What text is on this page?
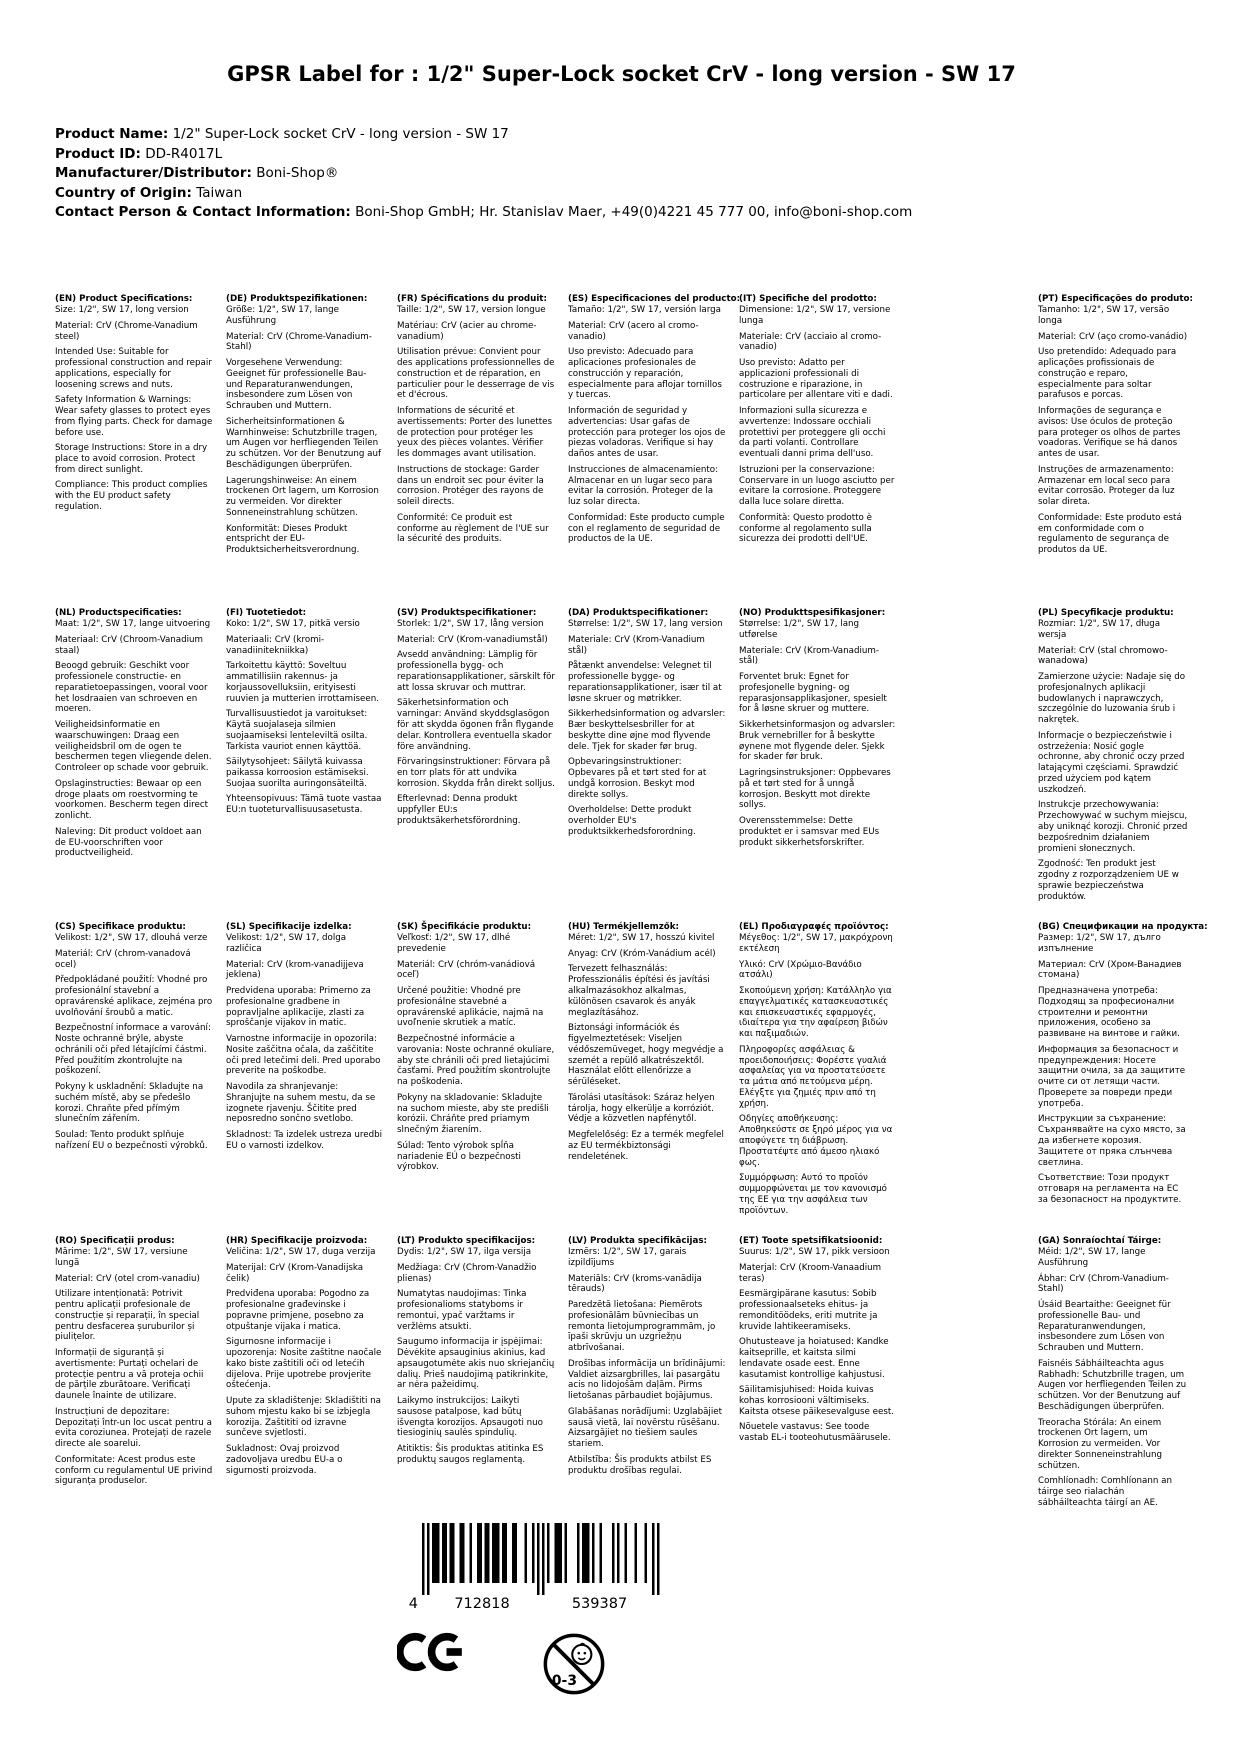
GPSR Label for : 1/2" Super-Lock socket CrV - long version - SW 17
Product Name: 1/2" Super-Lock socket CrV - long version - SW 17
Product ID: DD-R4017L
Manufacturer/Distributor: Boni-Shop®
Country of Origin: Taiwan
Contact Person & Contact Information: Boni-Shop GmbH; Hr. Stanislav Maer, +49(0)4221 45 777 00, info@boni-shop.com
(EN) Product Specifications:

Size: 1/2", SW 17, long version

Material: CrV (Chrome-Vanadium steel)

Intended Use: Suitable for professional construction and repair applications, especially for loosening screws and nuts.

Safety Information & Warnings: Wear safety glasses to protect eyes from flying parts. Check for damage before use.

Storage Instructions: Store in a dry place to avoid corrosion. Protect from direct sunlight.

Compliance: This product complies with the EU product safety regulation.

(DE) Produktspezifikationen:

Größe: 1/2", SW 17, lange Ausführung

Material: CrV (Chrome-Vanadium-Stahl)

Vorgesehene Verwendung: Geeignet für professionelle Bau- und Reparaturanwendungen, insbesondere zum Lösen von Schrauben und Muttern.

Sicherheitsinformationen & Warnhinweise: Schutzbrille tragen, um Augen vor herfliegenden Teilen zu schützen. Vor der Benutzung auf Beschädigungen überprüfen.

Lagerungshinweise: An einem trockenen Ort lagern, um Korrosion zu vermeiden. Vor direkter Sonneneinstrahlung schützen.

Konformität: Dieses Produkt entspricht der EU-Produktsicherheitsverordnung.

(FR) Spécifications du produit:

Taille: 1/2", SW 17, version longue

Matériau: CrV (acier au chrome-vanadium)

Utilisation prévue: Convient pour des applications professionnelles de construction et de réparation, en particulier pour le desserrage de vis et d'écrous.

Informations de sécurité et avertissements: Porter des lunettes de protection pour protéger les yeux des pièces volantes. Vérifier les dommages avant utilisation.

Instructions de stockage: Garder dans un endroit sec pour éviter la corrosion. Protéger des rayons de soleil directs.

Conformité: Ce produit est conforme au règlement de l'UE sur la sécurité des produits.

(ES) Especificaciones del producto:

Tamaño: 1/2", SW 17, versión larga

Material: CrV (acero al cromo-vanadio)

Uso previsto: Adecuado para aplicaciones profesionales de construcción y reparación, especialmente para aflojar tornillos y tuercas.

Información de seguridad y advertencias: Usar gafas de protección para proteger los ojos de piezas voladoras. Verifique si hay daños antes de usar.

Instrucciones de almacenamiento: Almacenar en un lugar seco para evitar la corrosión. Proteger de la luz solar directa.

Conformidad: Este producto cumple con el reglamento de seguridad de productos de la UE.

(IT) Specifiche del prodotto:

Dimensione: 1/2", SW 17, versione lunga

Materiale: CrV (acciaio al cromo-vanadio)

Uso previsto: Adatto per applicazioni professionali di costruzione e riparazione, in particolare per allentare viti e dadi.

Informazioni sulla sicurezza e avvertenze: Indossare occhiali protettivi per proteggere gli occhi da parti volanti. Controllare eventuali danni prima dell'uso.

Istruzioni per la conservazione: Conservare in un luogo asciutto per evitare la corrosione. Proteggere dalla luce solare diretta.

Conformità: Questo prodotto è conforme al regolamento sulla sicurezza dei prodotti dell'UE.

(PT) Especificações do produto:

Tamanho: 1/2", SW 17, versão longa

Material: CrV (aço cromo-vanádio)

Uso pretendido: Adequado para aplicações profissionais de construção e reparo, especialmente para soltar parafusos e porcas.

Informações de segurança e avisos: Use óculos de proteção para proteger os olhos de partes voadoras. Verifique se há danos antes de usar.

Instruções de armazenamento: Armazenar em local seco para evitar corrosão. Proteger da luz solar direta.

Conformidade: Este produto está em conformidade com o regulamento de segurança de produtos da UE.

(NL) Productspecificaties:

Maat: 1/2", SW 17, lange uitvoering

Materiaal: CrV (Chroom-Vanadium staal)

Beoogd gebruik: Geschikt voor professionele constructie- en reparatietoepassingen, vooral voor het losdraaien van schroeven en moeren.

Veiligheidsinformatie en waarschuwingen: Draag een veiligheidsbril om de ogen te beschermen tegen vliegende delen. Controleer op schade voor gebruik.

Opslaginstructies: Bewaar op een droge plaats om roestvorming te voorkomen. Bescherm tegen direct zonlicht.

Naleving: Dit product voldoet aan de EU-voorschriften voor productveiligheid.

(FI) Tuotetiedot:

Koko: 1/2", SW 17, pitkä versio

Materiaali: CrV (kromi-vanadiinitekniikka)

Tarkoitettu käyttö: Soveltuu ammatillisiin rakennus- ja korjaussovelluksiin, erityisesti ruuvien ja mutterien irrottamiseen.

Turvallisuustiedot ja varoitukset: Käytä suojalaseja silmien suojaamiseksi lenteleviltä osilta. Tarkista vauriot ennen käyttöä.

Säilytysohjeet: Säilytä kuivassa paikassa korroosion estämiseksi. Suojaa suorilta auringonsäteiltä.

Yhteensopivuus: Tämä tuote vastaa EU:n tuoteturvallisuusasetusta.

(SV) Produktspecifikationer:

Storlek: 1/2", SW 17, lång version

Material: CrV (Krom-vanadiumstål)

Avsedd användning: Lämplig för professionella bygg- och reparationsapplikationer, särskilt för att lossa skruvar och muttrar.

Säkerhetsinformation och varningar: Använd skyddsglasögon för att skydda ögonen från flygande delar. Kontrollera eventuella skador före användning.

Förvaringsinstruktioner: Förvara på en torr plats för att undvika korrosion. Skydda från direkt solljus.

Efterlevnad: Denna produkt uppfyller EU:s produktsäkerhetsförordning.

(DA) Produktspecifikationer:

Størrelse: 1/2", SW 17, lang version

Materiale: CrV (Krom-Vanadium stål)

Påtænkt anvendelse: Velegnet til professionelle bygge- og reparationsapplikationer, især til at løsne skruer og møtrikker.

Sikkerhedsinformation og advarsler: Bær beskyttelsesbriller for at beskytte dine øjne mod flyvende dele. Tjek for skader før brug.

Opbevaringsinstruktioner: Opbevares på et tørt sted for at undgå korrosion. Beskyt mod direkte sollys.

Overholdelse: Dette produkt overholder EU's produktsikkerhedsforordning.

(NO) Produkttspesifikasjoner:

Størrelse: 1/2", SW 17, lang utførelse

Materiale: CrV (Krom-Vanadium-stål)

Forventet bruk: Egnet for profesjonelle bygning- og reparasjonsapplikasjoner, spesielt for å løsne skruer og muttere.

Sikkerhetsinformasjon og advarsler: Bruk vernebriller for å beskytte øynene mot flygende deler. Sjekk for skader før bruk.

Lagringsinstruksjoner: Oppbevares på et tørt sted for å unngå korrosjon. Beskytt mot direkte sollys.

Overensstemmelse: Dette produktet er i samsvar med EUs produkt sikkerhetsforskrifter.

(PL) Specyfikacje produktu:

Rozmiar: 1/2", SW 17, długa wersja

Materiał: CrV (stal chromowo-wanadowa)

Zamierzone użycie: Nadaje się do profesjonalnych aplikacji budowlanych i naprawczych, szczególnie do luzowania śrub i nakrętek.

Informacje o bezpieczeństwie i ostrzeżenia: Nosić gogle ochronne, aby chronić oczy przed latającymi częściami. Sprawdzić przed użyciem pod kątem uszkodzeń.

Instrukcje przechowywania: Przechowywać w suchym miejscu, aby uniknąć korozji. Chronić przed bezpośrednim działaniem promieni słonecznych.

Zgodność: Ten produkt jest zgodny z rozporządzeniem UE w sprawie bezpieczeństwa produktów.

(CS) Specifikace produktu:

Velikost: 1/2", SW 17, dlouhá verze

Materiál: CrV (chrom-vanadová ocel)

Předpokládané použití: Vhodné pro profesionální stavební a opravárenské aplikace, zejména pro uvolňování šroubů a matic.

Bezpečnostní informace a varování: Noste ochranné brýle, abyste ochránili oči před létajícími částmi. Před použitím zkontrolujte na poškození.

Pokyny k uskladnění: Skladujte na suchém místě, aby se předešlo korozi. Chraňte před přímým slunečním zářením.

Soulad: Tento produkt splňuje nařízení EU o bezpečnosti výrobků.

(SL) Specifikacije izdelka:

Velikost: 1/2", SW 17, dolga različica

Material: CrV (krom-vanadijjeva jeklena)

Predvidena uporaba: Primerno za profesionalne gradbene in popravljalne aplikacije, zlasti za sproščanje vijakov in matic.

Varnostne informacije in opozorila: Nosite zaščitna očala, da zaščitite oči pred letečimi deli. Pred uporabo preverite na poškodbe.

Navodila za shranjevanje: Shranjujte na suhem mestu, da se izognete rjavenju. Ščitite pred neposredno sončno svetlobo.

Skladnost: Ta izdelek ustreza uredbi EU o varnosti izdelkov.

(SK) Špecifikácie produktu:

Veľkosť: 1/2", SW 17, dlhé prevedenie

Materiál: CrV (chróm-vanádiová oceľ)

Určené použitie: Vhodné pre profesionálne stavebné a opravárenské aplikácie, najmä na uvoľnenie skrutiek a matíc.

Bezpečnostné informácie a varovania: Noste ochranné okuliare, aby ste chránili oči pred lietajúcimi časťami. Pred použitím skontrolujte na poškodenia.

Pokyny na skladovanie: Skladujte na suchom mieste, aby ste predišli korózii. Chráňte pred priamym slnečným žiarením.

Súlad: Tento výrobok spĺňa nariadenie EÚ o bezpečnosti výrobkov.

(HU) Termékjellemzők:

Méret: 1/2", SW 17, hosszú kivitel

Anyag: CrV (Króm-Vanádium acél)

Tervezett felhasználás: Professzionális építési és javítási alkalmazásokhoz alkalmas, különösen csavarok és anyák meglazításához.

Biztonsági információk és figyelmeztetések: Viseljen védőszemüveget, hogy megvédje a szemét a repülő alkatrészektől. Használat előtt ellenőrizze a sérüléseket.

Tárolási utasítások: Száraz helyen tárolja, hogy elkerülje a korróziót. Védje a közvetlen napfénytől.

Megfelelőség: Ez a termék megfelel az EU termékbiztonsági rendeletének.

(EL) Προδιαγραφές προϊόντος:

Μέγεθος: 1/2", SW 17, μακρόχρονη εκτέλεση

Υλικό: CrV (Χρώμιο-Βανάδιο ατσάλι)

Σκοπούμενη χρήση: Κατάλληλο για επαγγελματικές κατασκευαστικές και επισκευαστικές εφαρμογές, ιδιαίτερα για την αφαίρεση βιδών και παξιμαδιών.

Πληροφορίες ασφάλειας & προειδοποιήσεις: Φορέστε γυαλιά ασφαλείας για να προστατεύσετε τα μάτια από πετούμενα μέρη. Ελέγξτε για ζημιές πριν από τη χρήση.

Οδηγίες αποθήκευσης: Αποθηκεύστε σε ξηρό μέρος για να αποφύγετε τη διάβρωση. Προστατέψτε από άμεσο ηλιακό φως.

Συμμόρφωση: Αυτό το προϊόν συμμορφώνεται με τον κανονισμό της ΕΕ για την ασφάλεια των προϊόντων.

(BG) Спецификации на продукта:

Размер: 1/2", SW 17, дълго изпълнение

Материал: CrV (Хром-Ванадиев стомана)

Предназначена употреба: Подходящ за професионални строителни и ремонтни приложения, особено за развиване на винтове и гайки.

Информация за безопасност и предупреждения: Носете защитни очила, за да защитите очите си от летящи части. Проверете за повреди преди употреба.

Инструкции за съхранение: Съхранявайте на сухо място, за да избегнете корозия. Защитете от пряка слънчева светлина.

Съответствие: Този продукт отговаря на регламента на ЕС за безопасност на продуктите.

(RO) Specificații produs:

Mărime: 1/2", SW 17, versiune lungă

Material: CrV (otel crom-vanadiu)

Utilizare intenționată: Potrivit pentru aplicații profesionale de construcție și reparații, în special pentru desfacerea șuruburilor și piulițelor.

Informații de siguranță și avertismente: Purtați ochelari de protecție pentru a vă proteja ochii de părțile zburătoare. Verificați daunele înainte de utilizare.

Instrucțiuni de depozitare: Depozitați într-un loc uscat pentru a evita coroziunea. Protejați de razele directe ale soarelui.

Conformitate: Acest produs este conform cu regulamentul UE privind siguranța produselor.

(HR) Specifikacije proizvoda:

Veličina: 1/2", SW 17, duga verzija

Materijal: CrV (Krom-Vanadijska čelik)

Predviđena uporaba: Pogodno za profesionalne građevinske i popravne primjene, posebno za otpuštanje vijaka i matica.

Sigurnosne informacije i upozorenja: Nosite zaštitne naočale kako biste zaštitili oči od letećih dijelova. Prije upotrebe provjerite oštećenja.

Upute za skladištenje: Skladištiti na suhom mjestu kako bi se izbjegla korozija. Zaštititi od izravne sunčeve svjetlosti.

Sukladnost: Ovaj proizvod zadovoljava uredbu EU-a o sigurnosti proizvoda.

(LT) Produkto specifikacijos:

Dydis: 1/2", SW 17, ilga versija

Medžiaga: CrV (Chrom-Vanadžio plienas)

Numatytas naudojimas: Tinka profesionalioms statyboms ir remontui, ypač varžtams ir veržlėms atsukti.

Saugumo informacija ir įspėjimai: Dėvėkite apsauginius akinius, kad apsaugotumėte akis nuo skriejančių dalių. Prieš naudojimą patikrinkite, ar nėra pažeidimų.

Laikymo instrukcijos: Laikyti sausose patalpose, kad būtų išvengta korozijos. Apsaugoti nuo tiesioginių saulės spindulių.

Atitiktis: Šis produktas atitinka ES produktų saugos reglamentą.

(LV) Produkta specifikācijas:

Izmērs: 1/2", SW 17, garais izpildījums

Materiāls: CrV (kroms-vanādija tērauds)

Paredzētā lietošana: Piemērots profesionālām būvniecības un remonta lietojumprogrammām, jo īpaši skrūvju un uzgriežņu atbrīvošanai.

Drošības informācija un brīdinājumi: Valdiet aizsargbrilles, lai pasargātu acis no lidojošām daļām. Pirms lietošanas pārbaudiet bojājumus.

Glabāšanas norādījumi: Uzglabājiet sausā vietā, lai novērstu rūsēšanu. Aizsargājiet no tiešiem saules stariem.

Atbilstība: Šis produkts atbilst ES produktu drošības regulai.

(ET) Toote spetsifikatsioonid:

Suurus: 1/2", SW 17, pikk versioon

Materjal: CrV (Kroom-Vanaadium teras)

Eesmärgipärane kasutus: Sobib professionaalseteks ehitus- ja remonditöödeks, eriti mutrite ja kruvide lahtikeeramiseks.

Ohutusteave ja hoiatused: Kandke kaitseprille, et kaitsta silmi lendavate osade eest. Enne kasutamist kontrollige kahjustusi.

Säilitamisjuhised: Hoida kuivas kohas korrosiooni vältimiseks. Kaitsta otsese päikesevalguse eest.

Nõuetele vastavus: See toode vastab EL-i tooteohutusmäärusele.

(GA) Sonraíochtaí Táirge:

Méid: 1/2", SW 17, lange Ausführung

Ábhar: CrV (Chrom-Vanadium-Stahl)

Úsáid Beartaithe: Geeignet für professionelle Bau- und Reparaturanwendungen, insbesondere zum Lösen von Schrauben und Muttern.

Faisnéis Sábháilteachta agus Rabhadh: Schutzbrille tragen, um Augen vor herfliegenden Teilen zu schützen. Vor der Benutzung auf Beschädigungen überprüfen.

Treoracha Stórála: An einem trockenen Ort lagern, um Korrosion zu vermeiden. Vor direkter Sonneneinstrahlung schützen.

Comhlíonadh: Comhlíonann an táirge seo rialachán sábháilteachta táirgí an AE.

4	712818	539387
0-3
